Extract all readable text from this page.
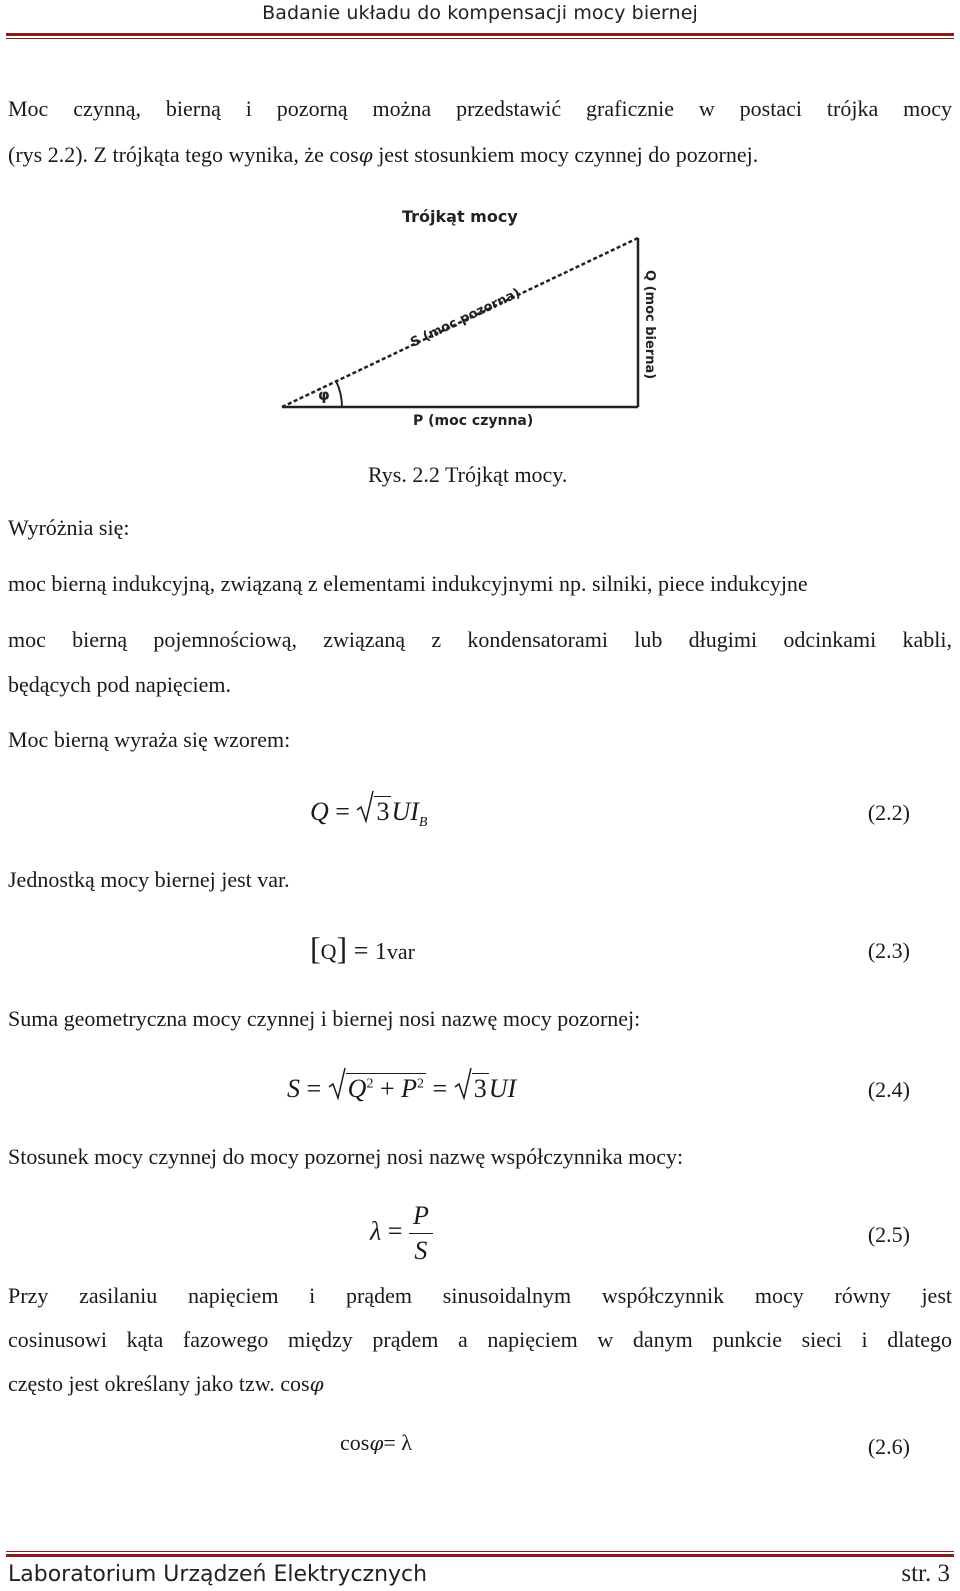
Badanie układu do kompensacji mocy biernej
Moc czynną, bierną i pozorną można przedstawić graficznie w postaci trójka mocy
(rys 2.2). Z trójkąta tego wynika, że cosφ jest stosunkiem mocy czynnej do pozornej.
Trójkąt mocy
φ
S (moc pozorna)	Q (moc bierna)
P (moc czynna)
Rys. 2.2 Trójkąt mocy.
Wyróżnia się:
moc bierną indukcyjną, związaną z elementami indukcyjnymi np. silniki, piece indukcyjne
moc bierną pojemnościową, związaną z kondensatorami lub długimi odcinkami kabli,
będących pod napięciem.
Moc bierną wyraża się wzorem:
$Q = 3UI_B$	(2.2)
Jednostką mocy biernej jest var.
[Q] = 1var	(2.3)
Suma geometryczna mocy czynnej i biernej nosi nazwę mocy pozornej:
$S = Q^2 + P^2 = 3UI$	(2.4)
Stosunek mocy czynnej do mocy pozornej nosi nazwę współczynnika mocy:
$\lambda = \frac{P}{S}$	(2.5)
Przy zasilaniu napięciem i prądem sinusoidalnym współczynnik mocy równy jest
cosinusowi kąta fazowego między prądem a napięciem w danym punkcie sieci i dlatego
często jest określany jako tzw. cosφ
cosφ= λ	(2.6)
Laboratorium Urządzeń Elektrycznych	str. 3
